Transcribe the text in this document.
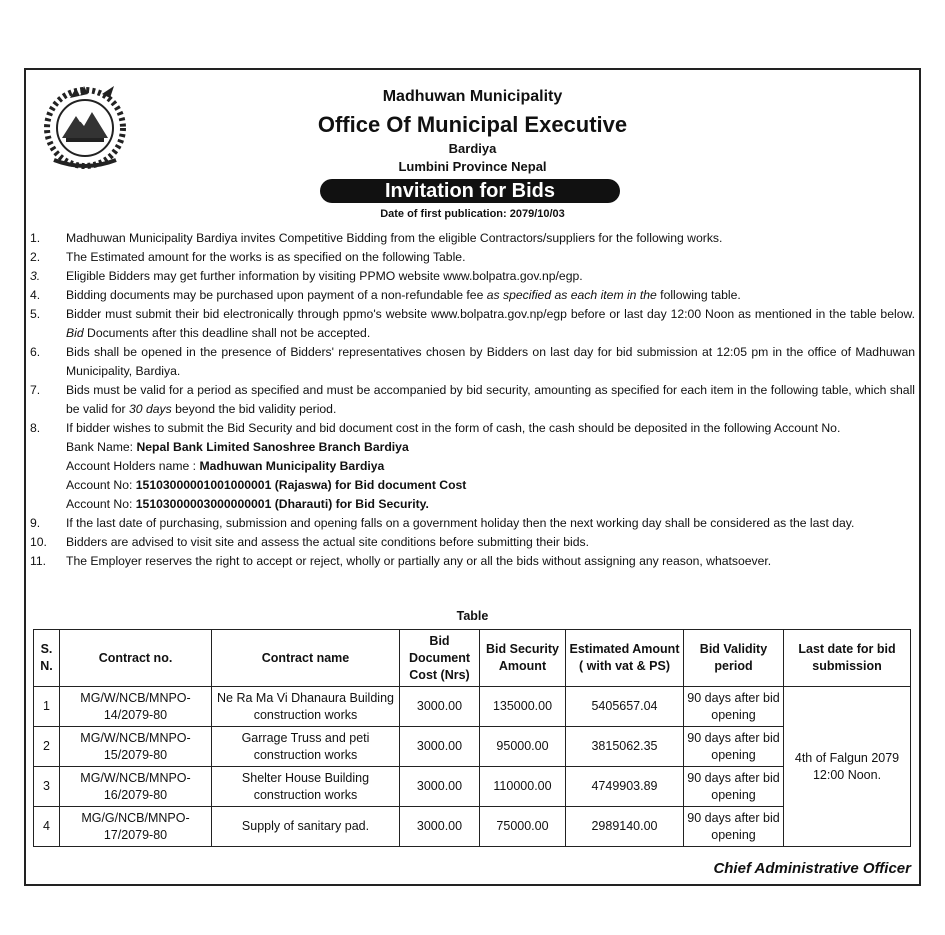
Madhuwan Municipality
Office Of Municipal Executive
Bardiya
Lumbini Province Nepal
Invitation for Bids
Date of first publication: 2079/10/03
1.	Madhuwan Municipality Bardiya invites Competitive Bidding from the eligible Contractors/suppliers for the following works.
2.	The Estimated amount for the works is as specified on the following Table.
3.	Eligible Bidders may get further information by visiting PPMO website www.bolpatra.gov.np/egp.
4.	Bidding documents may be purchased upon payment of a non-refundable fee as specified as each item in the following table.
5.	Bidder must submit their bid electronically through ppmo's website www.bolpatra.gov.np/egp before or last day 12:00 Noon as mentioned in the table below. Bid Documents after this deadline shall not be accepted.
6.	Bids shall be opened in the presence of Bidders' representatives chosen by Bidders on last day for bid submission at 12:05 pm in the office of Madhuwan Municipality, Bardiya.
7.	Bids must be valid for a period as specified and must be accompanied by bid security, amounting as specified for each item in the following table, which shall be valid for 30 days beyond the bid validity period.
8.	If bidder wishes to submit the Bid Security and bid document cost in the form of cash, the cash should be deposited in the following Account No.
Bank Name: Nepal Bank Limited Sanoshree Branch Bardiya
Account Holders name : Madhuwan Municipality Bardiya
Account No: 15103000001001000001 (Rajaswa) for Bid document Cost
Account No: 15103000003000000001 (Dharauti) for Bid Security.
9.	If the last date of purchasing, submission and opening falls on a government holiday then the next working day shall be considered as the last day.
10.	Bidders are advised to visit site and assess the actual site conditions before submitting their bids.
11.	The Employer reserves the right to accept or reject, wholly or partially any or all the bids without assigning any reason, whatsoever.
Table
S. N.	Contract no.	Contract name	Bid Document Cost (Nrs)	Bid Security Amount	Estimated Amount ( with vat & PS)	Bid Validity period	Last date for bid submission
1	MG/W/NCB/MNPO-14/2079-80	Ne Ra Ma Vi Dhanaura Building construction works	3000.00	135000.00	5405657.04	90 days after bid opening	4th of Falgun 2079 12:00 Noon.
2	MG/W/NCB/MNPO-15/2079-80	Garrage Truss and peti construction works	3000.00	95000.00	3815062.35	90 days after bid opening	
3	MG/W/NCB/MNPO-16/2079-80	Shelter House Building construction works	3000.00	110000.00	4749903.89	90 days after bid opening	
4	MG/G/NCB/MNPO-17/2079-80	Supply of sanitary pad.	3000.00	75000.00	2989140.00	90 days after bid opening	
Chief Administrative Officer
